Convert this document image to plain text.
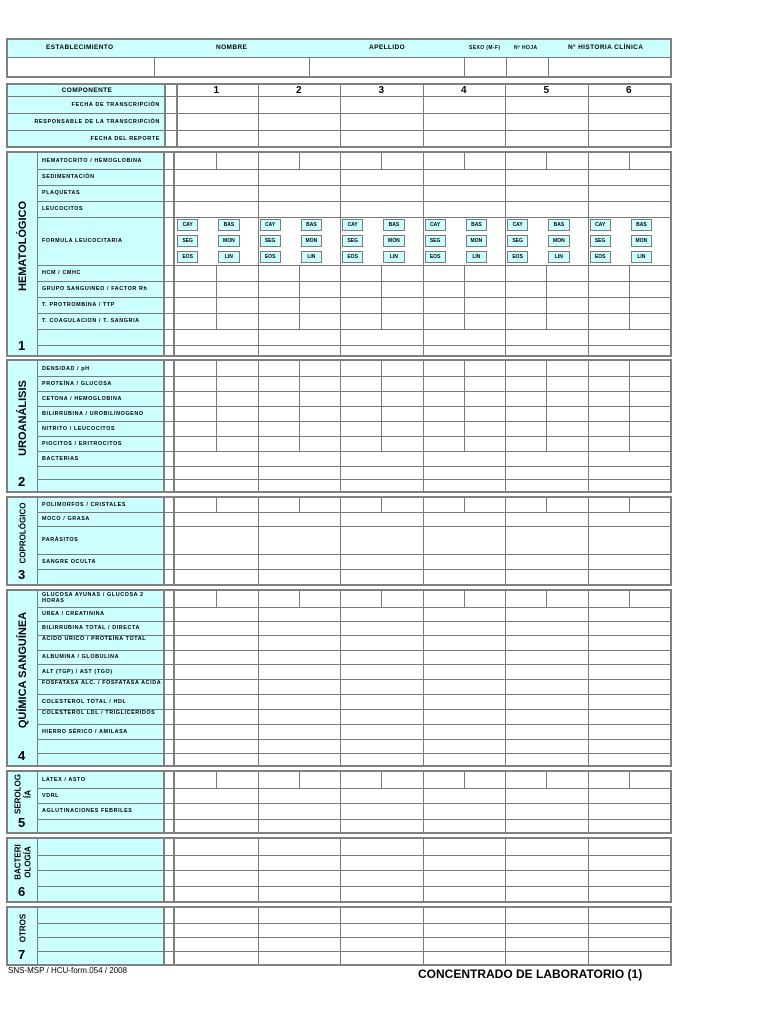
ESTABLECIMIENTO	NOMBRE	APELLIDO	SEXO (M-F)	Nº HOJA	Nº HISTORIA CLÍNICA
COMPONENTE
FECHA DE TRANSCRIPCIÓN
RESPONSABLE DE LA TRANSCRIPCIÓN
FECHA DEL REPORTE
1	2	3	4	5	6
HEMATOLÓGICO
1
HEMATOCRITO / HEMOGLOBINA
SEDIMENTACIÓN
PLAQUETAS
LEUCOCITOS
FORMULA LEUCOCITARIA
CAY	BAS
SEG	MON
EOS	LIN
CAY	BAS
SEG	MON
EOS	LIN
CAY	BAS
SEG	MON
EOS	LIN
CAY	BAS
SEG	MON
EOS	LIN
CAY	BAS
SEG	MON
EOS	LIN
CAY	BAS
SEG	MON
EOS	LIN
HCM / CMHC
GRUPO SANGUINEO / FACTOR Rh
T. PROTROMBINA / TTP
T. COAGULACION / T. SANGRIA
UROANÁLISIS
2
DENSIDAD / pH
PROTEÍNA / GLUCOSA
CETONA / HEMOGLOBINA
BILIRRUBINA / UROBILINOGENO
NITRITO / LEUCOCITOS
PIOCITOS / ERITROCITOS
BACTERIAS
COPROLÓGICO
3
POLIMORFOS / CRISTALES
MOCO / GRASA
PARÁSITOS
SANGRE OCULTA
QUÍMICA SANGUÍNEA
4
GLUCOSA AYUNAS / GLUCOSA 2 HORAS
UREA / CREATININA
BILIRRUBINA TOTAL / DIRECTA
ACIDO URICO / PROTEÍNA TOTAL
ALBUMINA / GLOBULINA
ALT (TGP) / AST (TGO)
FOSFATASA ALC. / FOSFATASA ACIDA
COLESTEROL TOTAL / HDL
COLESTEROL LDL / TRIGLICÉRIDOS
HIERRO SÉRICO / AMILASA
SEROLOG ÍA
5
LATEX / ASTO
VDRL
AGLUTINACIONES FEBRILES
BACTERI OLOGÍA
6
OTROS
7
SNS-MSP / HCU-form.054 / 2008	CONCENTRADO DE LABORATORIO (1)
